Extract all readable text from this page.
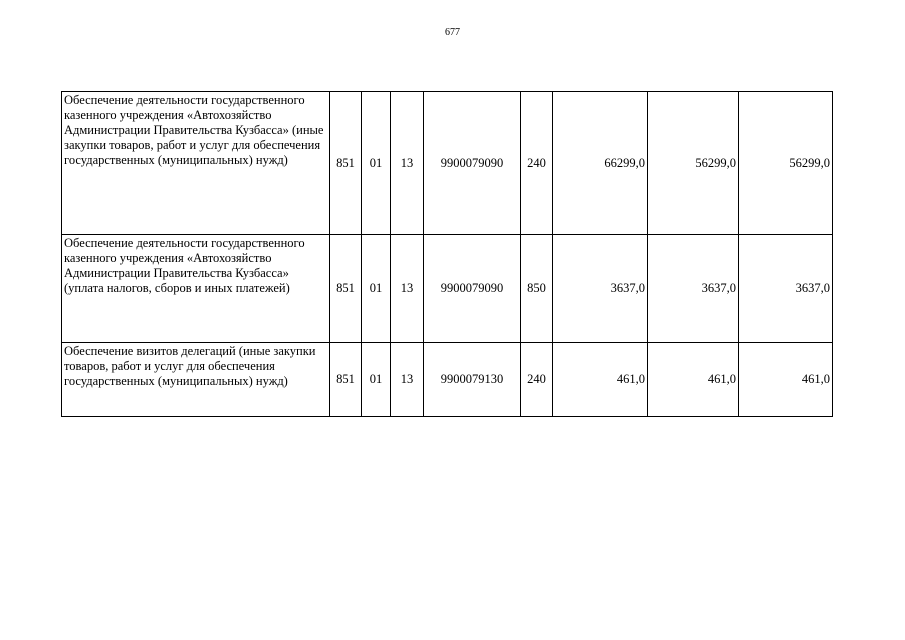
677
Обеспечение деятельности государственного казенного учреждения «Автохозяйство Администрации Правительства Кузбасса» (иные закупки товаров, работ и услуг для обеспечения государственных (муниципальных) нужд)	851	01	13	9900079090	240	66299,0	56299,0	56299,0
Обеспечение деятельности государственного казенного учреждения «Автохозяйство Администрации Правительства Кузбасса» (уплата налогов, сборов и иных платежей)	851	01	13	9900079090	850	3637,0	3637,0	3637,0
Обеспечение визитов делегаций (иные закупки товаров, работ и услуг для обеспечения государственных (муниципальных) нужд)	851	01	13	9900079130	240	461,0	461,0	461,0
